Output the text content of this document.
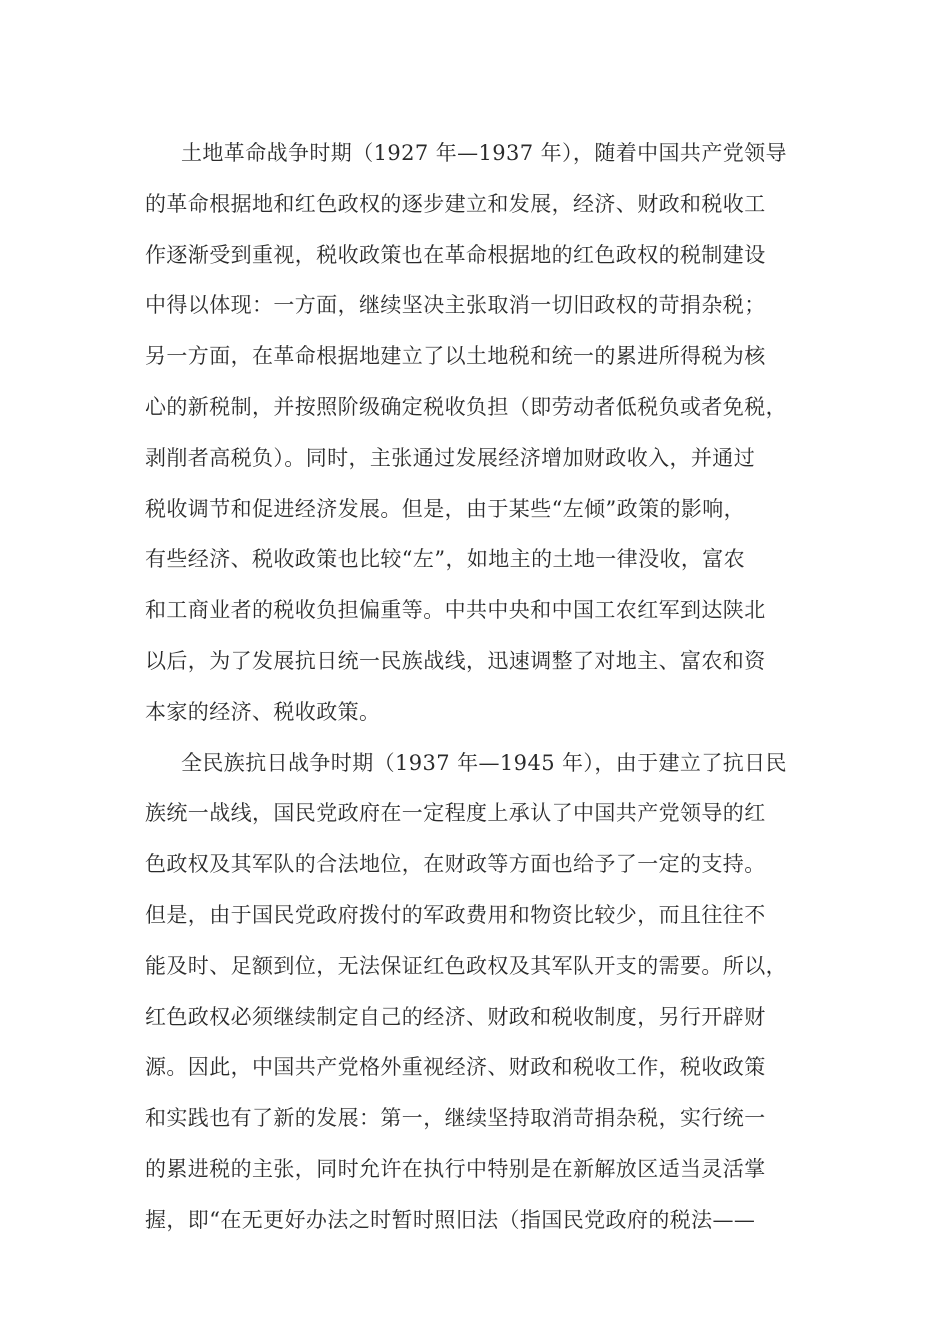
土地革命战争时期（1927 年—1937 年），随着中国共产党领导
的革命根据地和红色政权的逐步建立和发展，经济、财政和税收工
作逐渐受到重视，税收政策也在革命根据地的红色政权的税制建设
中得以体现：一方面，继续坚决主张取消一切旧政权的苛捐杂税；
另一方面，在革命根据地建立了以土地税和统一的累进所得税为核
心的新税制，并按照阶级确定税收负担（即劳动者低税负或者免税，
剥削者高税负）。同时，主张通过发展经济增加财政收入，并通过
税收调节和促进经济发展。但是，由于某些“左倾”政策的影响，
有些经济、税收政策也比较“左”，如地主的土地一律没收，富农
和工商业者的税收负担偏重等。中共中央和中国工农红军到达陕北
以后，为了发展抗日统一民族战线，迅速调整了对地主、富农和资
本家的经济、税收政策。
全民族抗日战争时期（1937 年—1945 年），由于建立了抗日民
族统一战线，国民党政府在一定程度上承认了中国共产党领导的红
色政权及其军队的合法地位，在财政等方面也给予了一定的支持。
但是，由于国民党政府拨付的军政费用和物资比较少，而且往往不
能及时、足额到位，无法保证红色政权及其军队开支的需要。所以，
红色政权必须继续制定自己的经济、财政和税收制度，另行开辟财
源。因此，中国共产党格外重视经济、财政和税收工作，税收政策
和实践也有了新的发展：第一，继续坚持取消苛捐杂税，实行统一
的累进税的主张，同时允许在执行中特别是在新解放区适当灵活掌
握，即“在无更好办法之时暂时照旧法（指国民党政府的税法——
